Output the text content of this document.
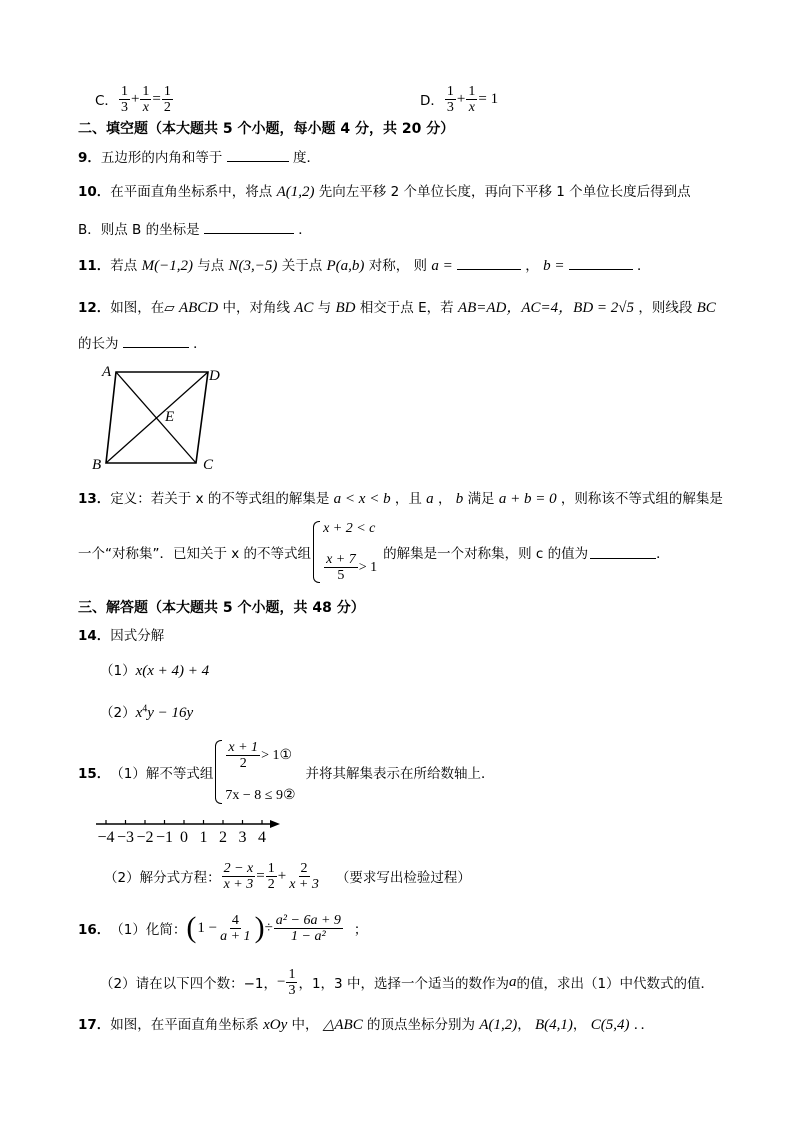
C． $\frac{1}{3} + \frac{1}{x} = \frac{1}{2}$	D． $\frac{1}{3} + \frac{1}{x} = 1$
二、填空题（本大题共 5 个小题，每小题 4 分，共 20 分）
9．五边形的内角和等于	度．
10．在平面直角坐标系中，将点 A(1,2) 先向左平移 2 个单位长度，再向下平移 1 个单位长度后得到点
B．则点 B 的坐标是	．
11．若点 M(−1,2) 与点 N(3,−5) 关于点 P(a,b) 对称， 则 a =	， b =	．
12．如图，在▱ ABCD 中，对角线 AC 与 BD 相交于点 E，若 AB=AD，AC=4，BD = 2√5 ，则线段 BC
的长为	．
A	D
E
B	C
13．定义：若关于 x 的不等式组的解集是 a < x < b ，且 a ， b 满足 a + b = 0 ，则称该不等式组的解集是
一个“对称集”．已知关于 x 的不等式组
x + 2 < c
$\frac{x + 7}{5} > 1$
的解集是一个对称集，则 c 的值为	．
三、解答题（本大题共 5 个小题，共 48 分）
14．因式分解
（1）x(x + 4) + 4
$(2)x^4y - 16y$
15． （1）解不等式组
$\frac{x + 1}{2}$ > 1①
7x − 8 ≤ 9②
并将其解集表示在所给数轴上．
−4 −3 −2 −1 0 1 2 3 4
（2）解分式方程： $\frac{2 - x}{x + 3} = \frac{1}{2} + \frac{2}{x + 3}$ （要求写出检验过程）
16． （1）化简： ( $1 - \frac{4}{a + 1}$ ) ÷ $\frac{\text{a² − 6a + 9}}{\text{1 − a²}}$ ；
（2）请在以下四个数：−1， − $\frac{1}{3}$ ，1，3 中，选择一个适当的数作为 a 的值，求出（1）中代数式的值．
17．如图，在平面直角坐标系 xOy 中， △ABC 的顶点坐标分别为 A(1,2)， B(4,1)， C(5,4) ．．
